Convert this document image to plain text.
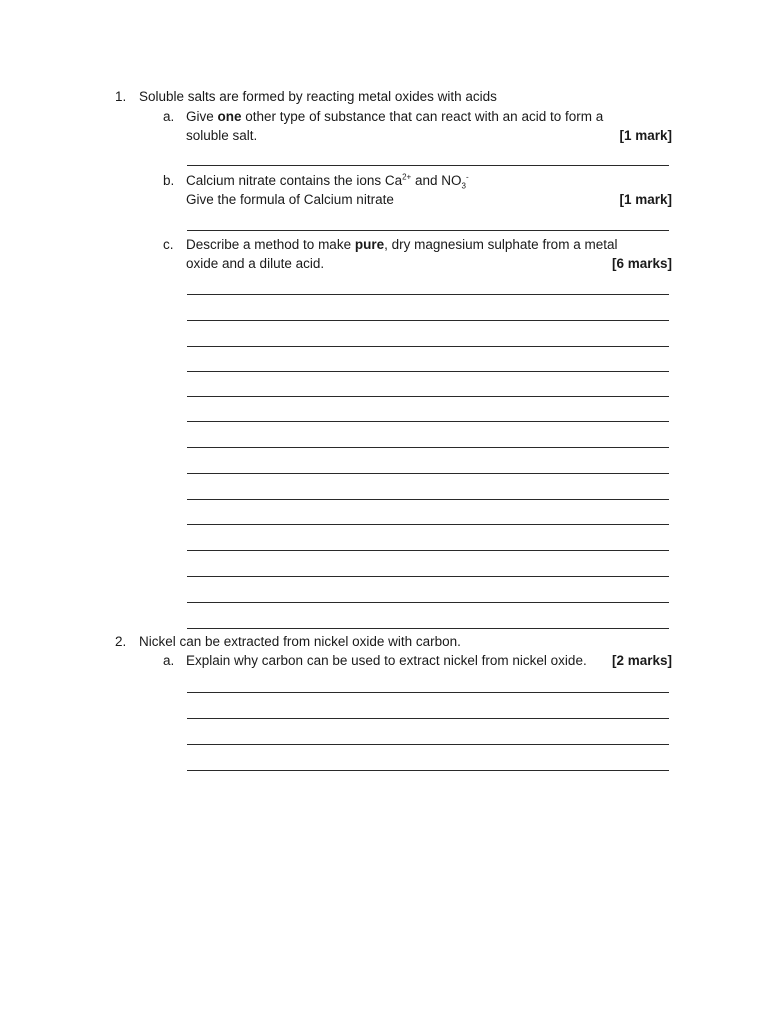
1. Soluble salts are formed by reacting metal oxides with acids
a. Give one other type of substance that can react with an acid to form a
soluble salt.	[1 mark]
b. Calcium nitrate contains the ions $Ca^{2+}$ and $NO_3^-$
Give the formula of Calcium nitrate	[1 mark]
c. Describe a method to make pure, dry magnesium sulphate from a metal
oxide and a dilute acid.	[6 marks]
2. Nickel can be extracted from nickel oxide with carbon.
a. Explain why carbon can be used to extract nickel from nickel oxide. [2 marks]
